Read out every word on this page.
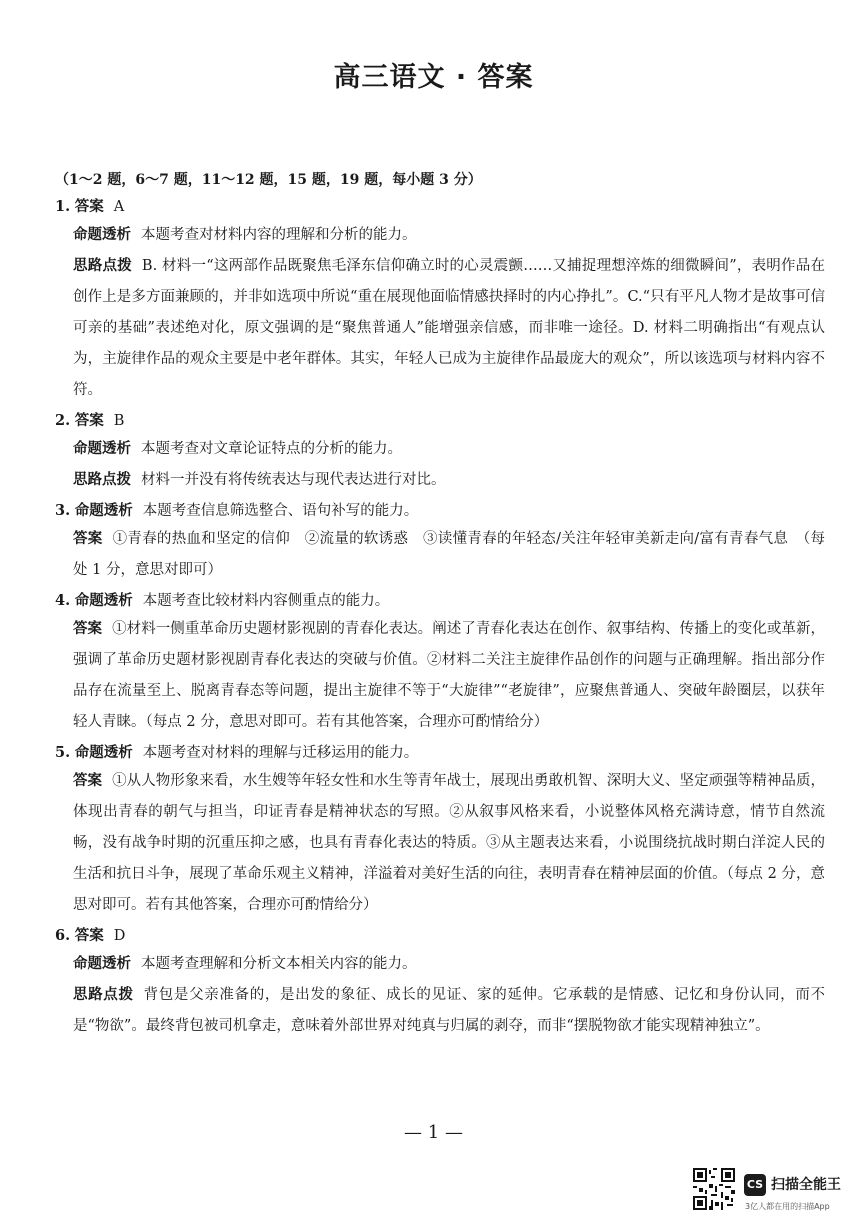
高三语文 · 答案
（1～2 题，6～7 题，11～12 题，15 题，19 题，每小题 3 分）
1. 答案 A
命题透析 本题考查对材料内容的理解和分析的能力。
思路点拨 B. 材料一“这两部作品既聚焦毛泽东信仰确立时的心灵震颤……又捕捉理想淬炼的细微瞬间”，表明作品在创作上是多方面兼顾的，并非如选项中所说“重在展现他面临情感抉择时的内心挣扎”。C.“只有平凡人物才是故事可信可亲的基础”表述绝对化，原文强调的是“聚焦普通人”能增强亲信感，而非唯一途径。D. 材料二明确指出“有观点认为，主旋律作品的观众主要是中老年群体。其实，年轻人已成为主旋律作品最庞大的观众”，所以该选项与材料内容不符。
2. 答案 B
命题透析 本题考查对文章论证特点的分析的能力。
思路点拨 材料一并没有将传统表达与现代表达进行对比。
3. 命题透析 本题考查信息筛选整合、语句补写的能力。
答案 ①青春的热血和坚定的信仰　②流量的软诱惑　③读懂青春的年轻态/关注年轻审美新走向/富有青春气息　（每处 1 分，意思对即可）
4. 命题透析 本题考查比较材料内容侧重点的能力。
答案 ①材料一侧重革命历史题材影视剧的青春化表达。阐述了青春化表达在创作、叙事结构、传播上的变化或革新，强调了革命历史题材影视剧青春化表达的突破与价值。②材料二关注主旋律作品创作的问题与正确理解。指出部分作品存在流量至上、脱离青春态等问题，提出主旋律不等于“大旋律”“老旋律”，应聚焦普通人、突破年龄圈层，以获年轻人青睐。（每点 2 分，意思对即可。若有其他答案，合理亦可酌情给分）
5. 命题透析 本题考查对材料的理解与迁移运用的能力。
答案 ①从人物形象来看，水生嫂等年轻女性和水生等青年战士，展现出勇敢机智、深明大义、坚定顽强等精神品质，体现出青春的朝气与担当，印证青春是精神状态的写照。②从叙事风格来看，小说整体风格充满诗意，情节自然流畅，没有战争时期的沉重压抑之感，也具有青春化表达的特质。③从主题表达来看，小说围绕抗战时期白洋淀人民的生活和抗日斗争，展现了革命乐观主义精神，洋溢着对美好生活的向往，表明青春在精神层面的价值。（每点 2 分，意思对即可。若有其他答案，合理亦可酌情给分）
6. 答案 D
命题透析 本题考查理解和分析文本相关内容的能力。
思路点拨 背包是父亲准备的，是出发的象征、成长的见证、家的延伸。它承载的是情感、记忆和身份认同，而不是“物欲”。最终背包被司机拿走，意味着外部世界对纯真与归属的剥夺，而非“摆脱物欲才能实现精神独立”。
— 1 —
CS 扫描全能王
3亿人都在用的扫描App
